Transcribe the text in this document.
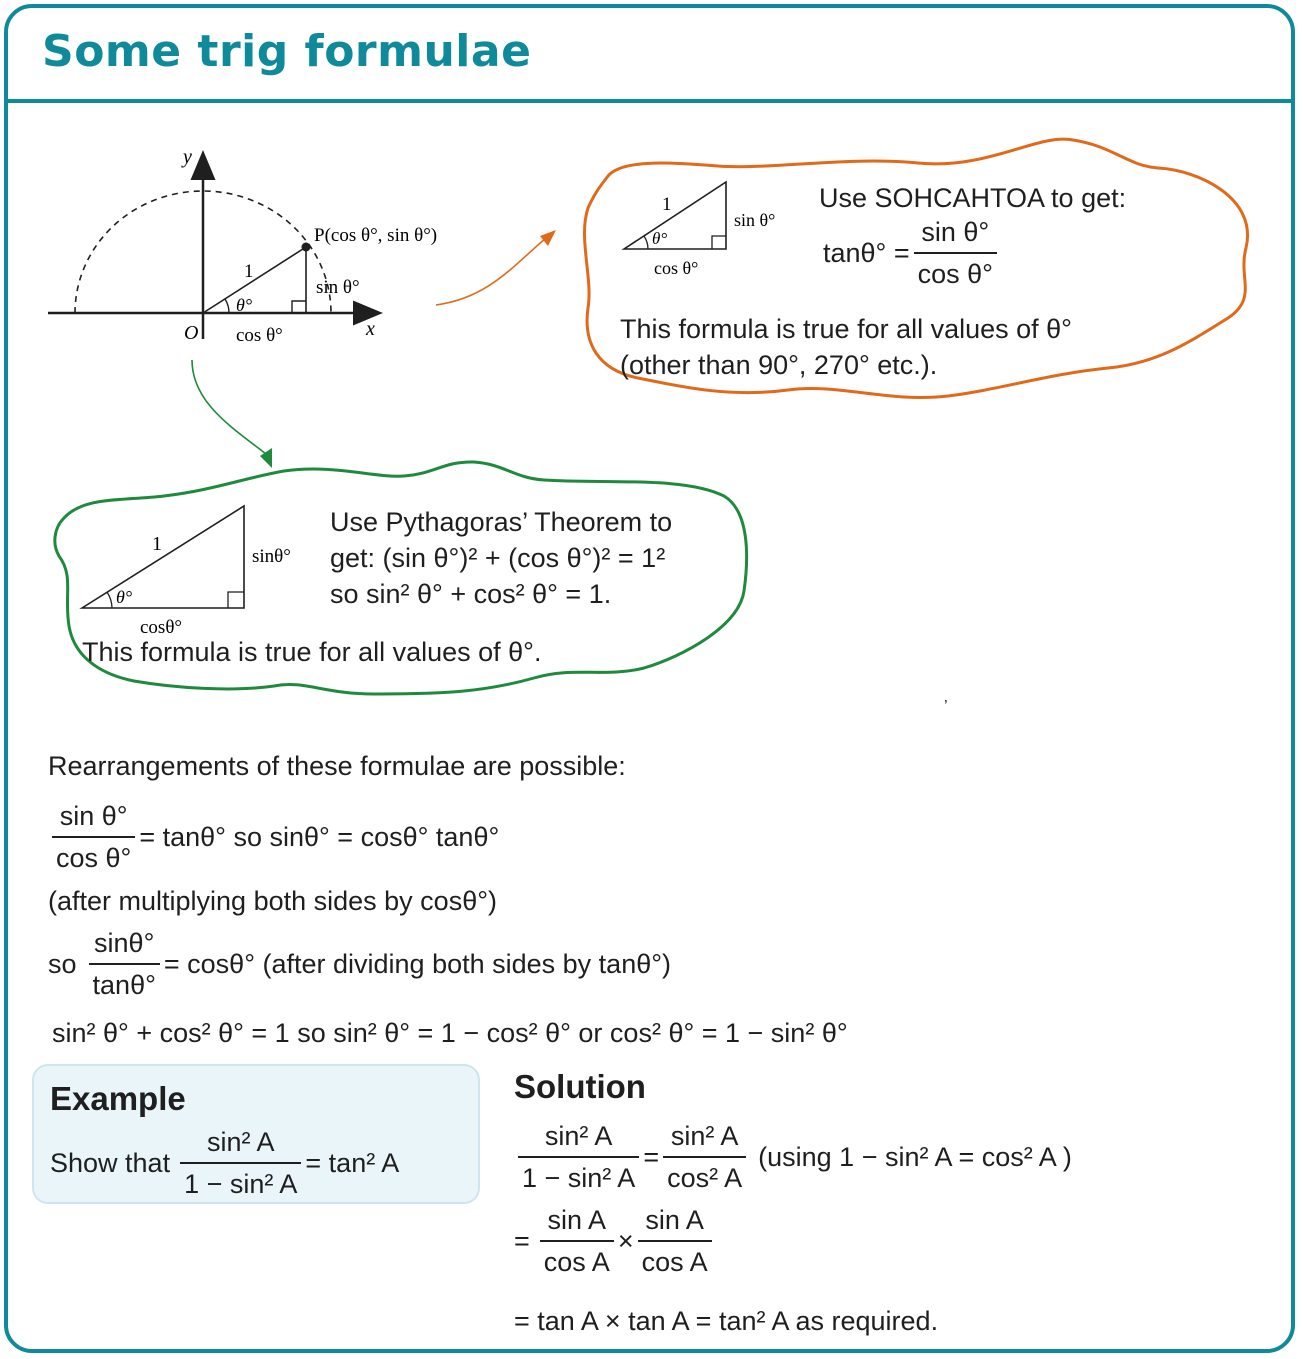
Some trig formulae
y
x
O
P(cos θ°, sin θ°)
1
θ°
cos θ°
sin θ°
1
θ°
cos θ°
sin θ°
Use SOHCAHTOA to get:
$\tan\theta^\circ = \frac{\text{sin θ°}}{\text{cos θ°}}$
This formula is true for all values of θ°
(other than 90°, 270° etc.).
1
θ°
cosθ°
sinθ°
Use Pythagoras’ Theorem to
get: (sin θ°)² + (cos θ°)² = 1²
so sin² θ° + cos² θ° = 1.
This formula is true for all values of θ°.
’
Rearrangements of these formulae are possible:
$\frac{\text{sin θ°}}{\text{cos θ°}} = \tan\theta^\circ$ so sinθ° = cosθ° tanθ°
(after multiplying both sides by cosθ°)
so $\frac{\sin\theta^\circ}{\tan\theta^\circ} = \cos\theta^\circ$ (after dividing both sides by tanθ°)
sin² θ° + cos² θ° = 1 so sin² θ° = 1 − cos² θ° or cos² θ° = 1 − sin² θ°
Example
Show that $\frac{\text{sin² A}}{\text{1 − sin² A}} = \tan^2$ A
Solution
$\frac{\text{sin² A}}{\text{1 − sin² A}} = \frac{\text{sin² A}}{\text{cos² A}} (using$ 1 − sin² A = cos² A )
= $\frac{\text{sin A}}{\text{cos A}} \times \frac{\text{sin A}}{\text{cos A}}$
= tan A × tan A = tan² A as required.
